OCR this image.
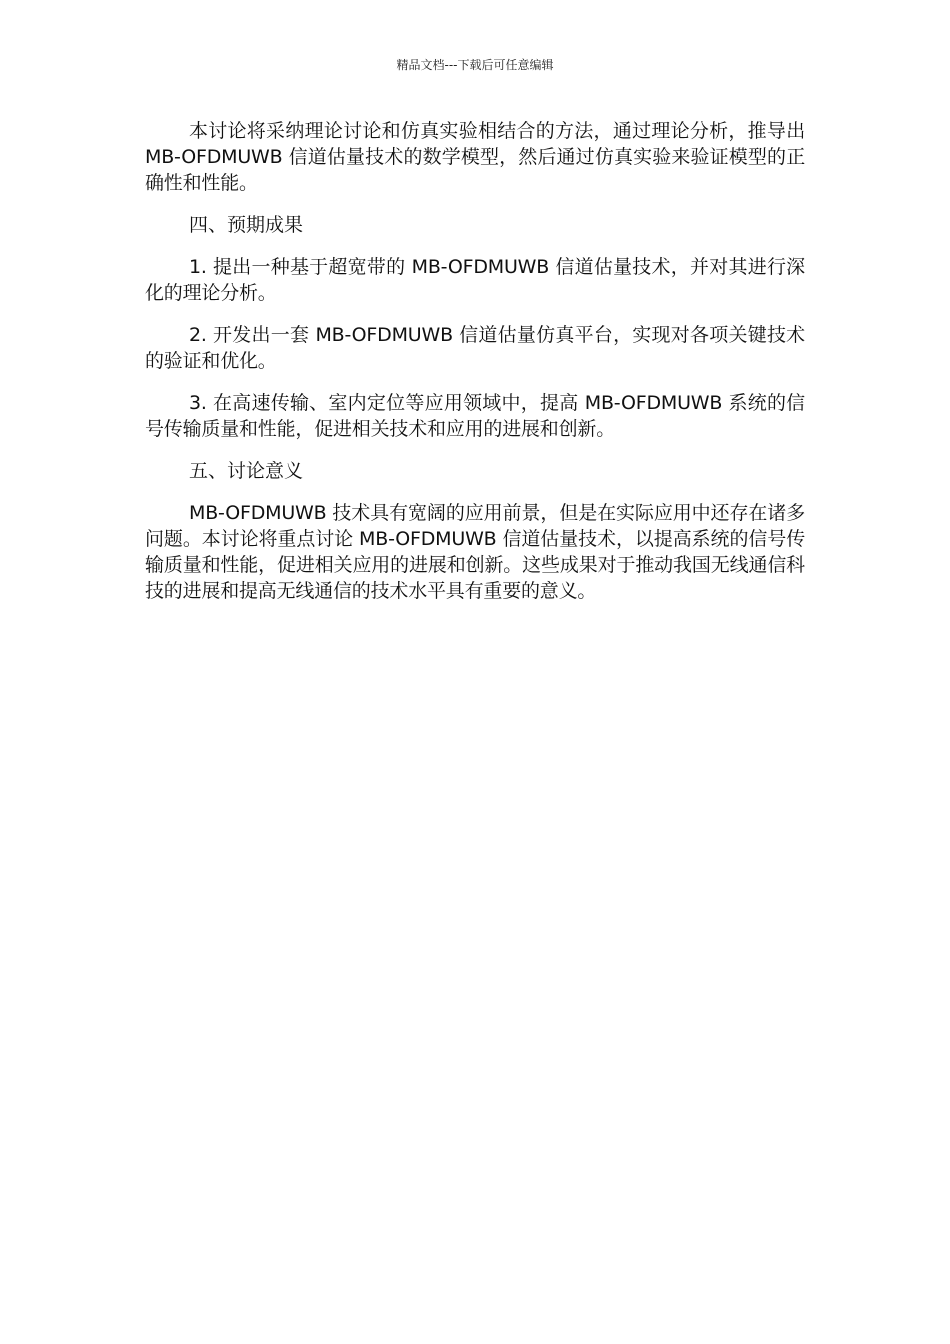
精品文档---下载后可任意编辑

本讨论将采纳理论讨论和仿真实验相结合的方法，通过理论分析，推导出 MB-OFDMUWB 信道估量技术的数学模型，然后通过仿真实验来验证模型的正确性和性能。

四、预期成果

1. 提出一种基于超宽带的 MB-OFDMUWB 信道估量技术，并对其进行深化的理论分析。

2. 开发出一套 MB-OFDMUWB 信道估量仿真平台，实现对各项关键技术的验证和优化。

3. 在高速传输、室内定位等应用领域中，提高 MB-OFDMUWB 系统的信号传输质量和性能，促进相关技术和应用的进展和创新。

五、讨论意义

MB-OFDMUWB 技术具有宽阔的应用前景，但是在实际应用中还存在诸多问题。本讨论将重点讨论 MB-OFDMUWB 信道估量技术，以提高系统的信号传输质量和性能，促进相关应用的进展和创新。这些成果对于推动我国无线通信科技的进展和提高无线通信的技术水平具有重要的意义。
